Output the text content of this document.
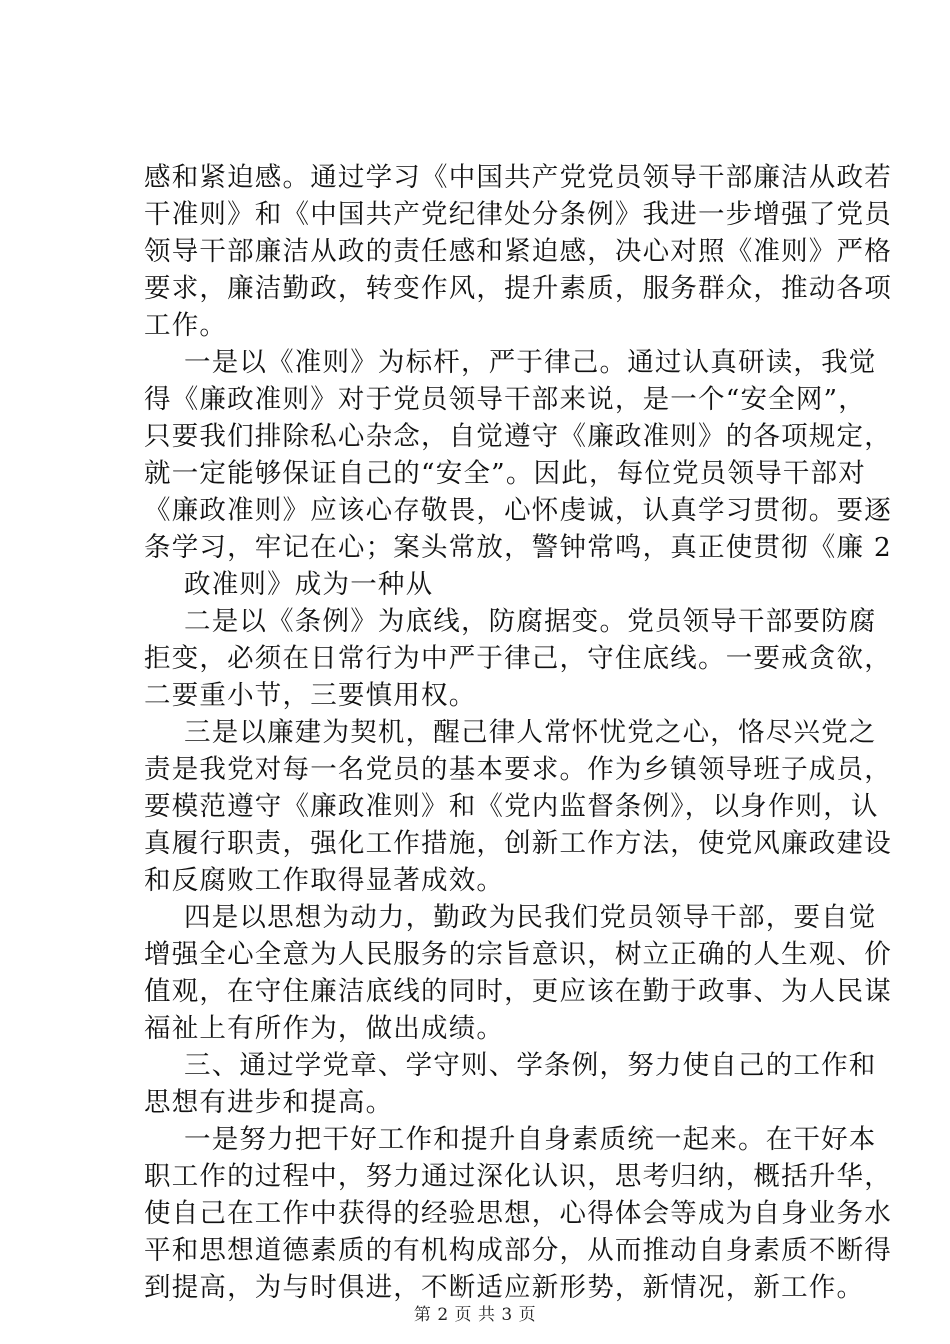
感和紧迫感。通过学习《中国共产党党员领导干部廉洁从政若
干准则》和《中国共产党纪律处分条例》我进一步增强了党员
领导干部廉洁从政的责任感和紧迫感，决心对照《准则》严格
要求，廉洁勤政，转变作风，提升素质，服务群众，推动各项
工作。
一是以《准则》为标杆，严于律己。通过认真研读，我觉
得《廉政准则》对于党员领导干部来说，是一个“安全网”，
只要我们排除私心杂念，自觉遵守《廉政准则》的各项规定，
就一定能够保证自己的“安全”。因此，每位党员领导干部对
《廉政准则》应该心存敬畏，心怀虔诚，认真学习贯彻。要逐
条学习，牢记在心；案头常放，警钟常鸣，真正使贯彻《廉 2
政准则》成为一种从
二是以《条例》为底线，防腐据变。党员领导干部要防腐
拒变，必须在日常行为中严于律己，守住底线。一要戒贪欲，
二要重小节，三要慎用权。
三是以廉建为契机，醒己律人常怀忧党之心，恪尽兴党之
责是我党对每一名党员的基本要求。作为乡镇领导班子成员，
要模范遵守《廉政准则》和《党内监督条例》，以身作则，认
真履行职责，强化工作措施，创新工作方法，使党风廉政建设
和反腐败工作取得显著成效。
四是以思想为动力，勤政为民我们党员领导干部，要自觉
增强全心全意为人民服务的宗旨意识，树立正确的人生观、价
值观，在守住廉洁底线的同时，更应该在勤于政事、为人民谋
福祉上有所作为，做出成绩。
三、通过学党章、学守则、学条例，努力使自己的工作和
思想有进步和提高。
一是努力把干好工作和提升自身素质统一起来。在干好本
职工作的过程中，努力通过深化认识，思考归纳，概括升华，
使自己在工作中获得的经验思想，心得体会等成为自身业务水
平和思想道德素质的有机构成部分，从而推动自身素质不断得
到提高，为与时俱进，不断适应新形势，新情况，新工作。
第 2 页 共 3 页
